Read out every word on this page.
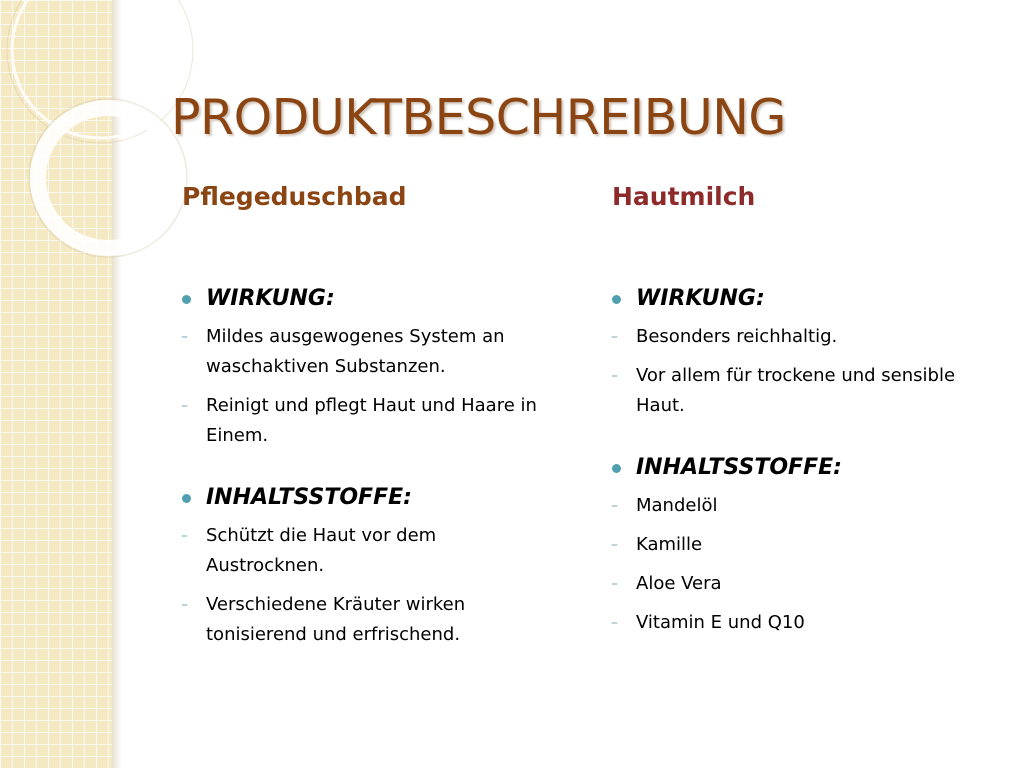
PRODUKTBESCHREIBUNG
Pflegeduschbad	Hautmilch
WIRKUNG:
– Mildes ausgewogenes System an waschaktiven Substanzen.
– Reinigt und pflegt Haut und Haare in Einem.
INHALTSSTOFFE:
– Schützt die Haut vor dem Austrocknen.
– Verschiedene Kräuter wirken tonisierend und erfrischend.
WIRKUNG:
– Besonders reichhaltig.
– Vor allem für trockene und sensible Haut.
INHALTSSTOFFE:
– Mandelöl
– Kamille
– Aloe Vera
– Vitamin E und Q10
